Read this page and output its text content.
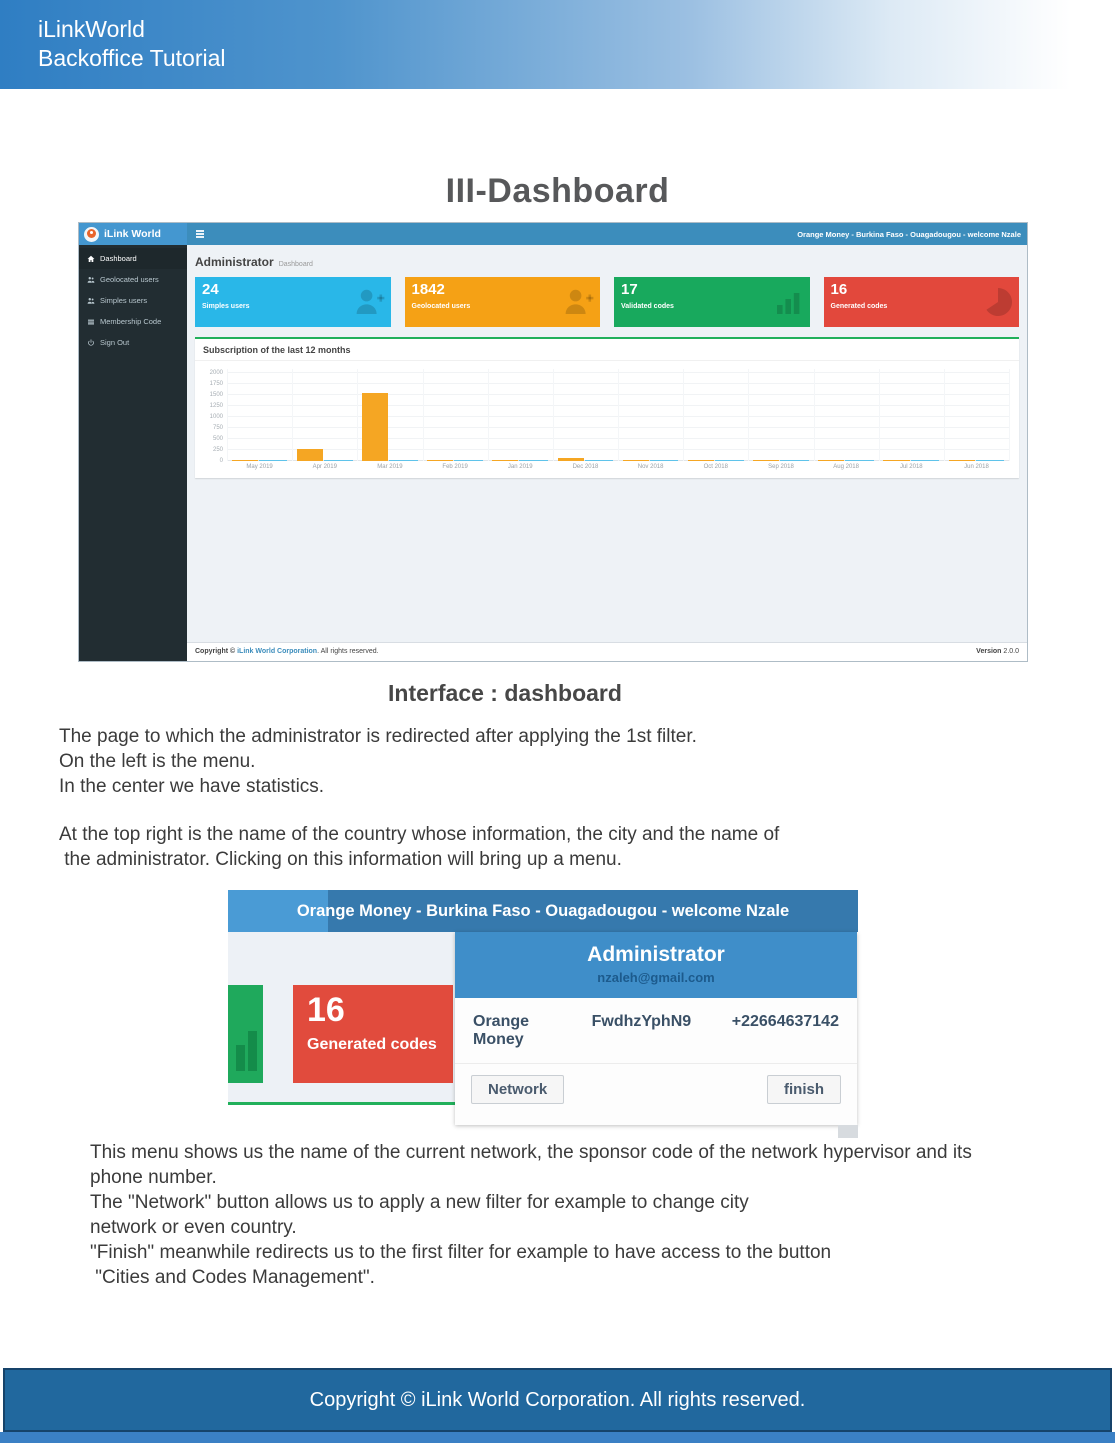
iLinkWorld
Backoffice Tutorial
III-Dashboard
iLink World	Orange Money - Burkina Faso - Ouagadougou - welcome Nzale
Dashboard
Geolocated users
Simples users
Membership Code
Sign Out
Administrator Dashboard
24
Simples users
1842
Geolocated users
17
Validated codes
16
Generated codes
Subscription of the last 12 months
0
250
500
750
1000
1250
1500
1750
2000
May 2019	Apr 2019	Mar 2019	Feb 2019	Jan 2019	Dec 2018	Nov 2018	Oct 2018	Sep 2018	Aug 2018	Jul 2018	Jun 2018
Copyright © iLink World Corporation. All rights reserved.	Version 2.0.0
Interface : dashboard
The page to which the administrator is redirected after applying the 1st filter.
On the left is the menu.
In the center we have statistics.
At the top right is the name of the country whose information, the city and the name of
the administrator. Clicking on this information will bring up a menu.
Orange Money - Burkina Faso - Ouagadougou - welcome Nzale
16
Generated codes
Administrator
nzaleh@gmail.com
Orange Money
FwdhzYphN9	+22664637142
Network	finish
This menu shows us the name of the current network, the sponsor code of the network hypervisor and its
phone number.
The "Network" button allows us to apply a new filter for example to change city
network or even country.
"Finish" meanwhile redirects us to the first filter for example to have access to the button
"Cities and Codes Management".
Copyright © iLink World Corporation. All rights reserved.
